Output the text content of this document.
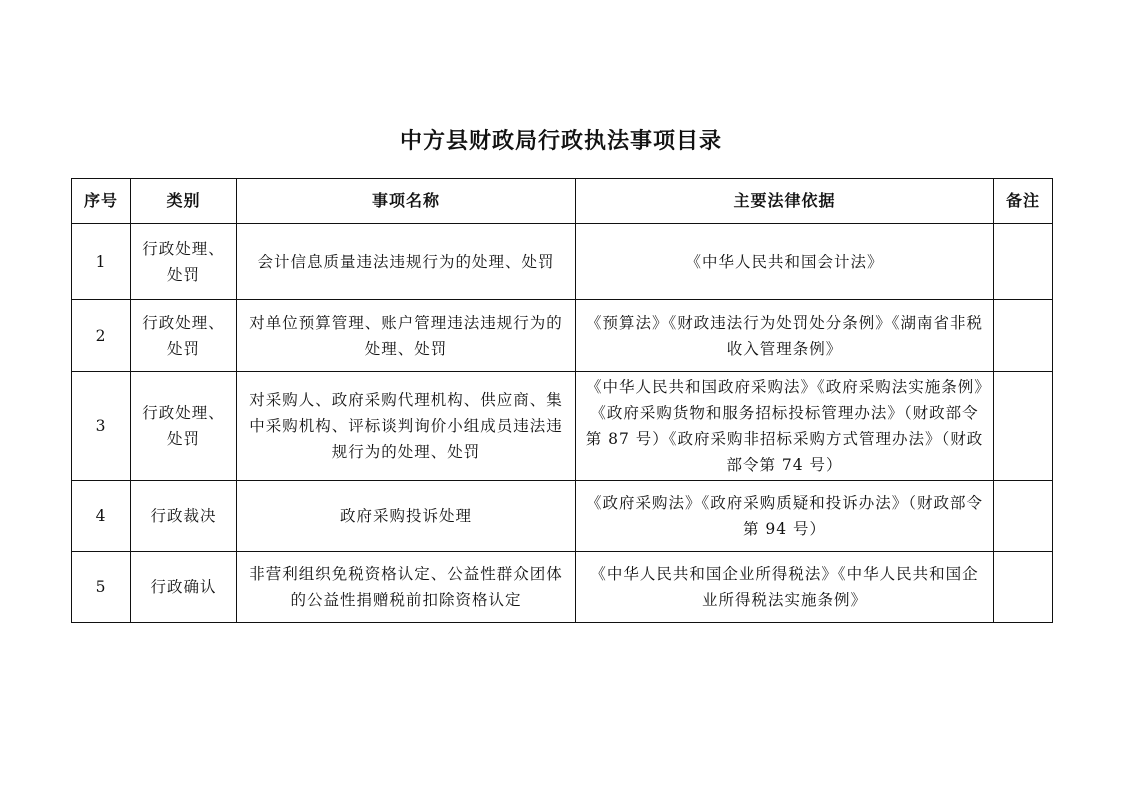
中方县财政局行政执法事项目录
序号	类别	事项名称	主要法律依据	备注
1	行政处理、处罚	会计信息质量违法违规行为的处理、处罚	《中华人民共和国会计法》	
2	行政处理、处罚	对单位预算管理、账户管理违法违规行为的处理、处罚	《预算法》《财政违法行为处罚处分条例》《湖南省非税收入管理条例》	
3	行政处理、处罚	对采购人、政府采购代理机构、供应商、集中采购机构、评标谈判询价小组成员违法违规行为的处理、处罚	《中华人民共和国政府采购法》《政府采购法实施条例》《政府采购货物和服务招标投标管理办法》（财政部令第 87 号）《政府采购非招标采购方式管理办法》（财政部令第 74 号）	
4	行政裁决	政府采购投诉处理	《政府采购法》《政府采购质疑和投诉办法》（财政部令第 94 号）	
5	行政确认	非营利组织免税资格认定、公益性群众团体的公益性捐赠税前扣除资格认定	《中华人民共和国企业所得税法》《中华人民共和国企业所得税法实施条例》	
